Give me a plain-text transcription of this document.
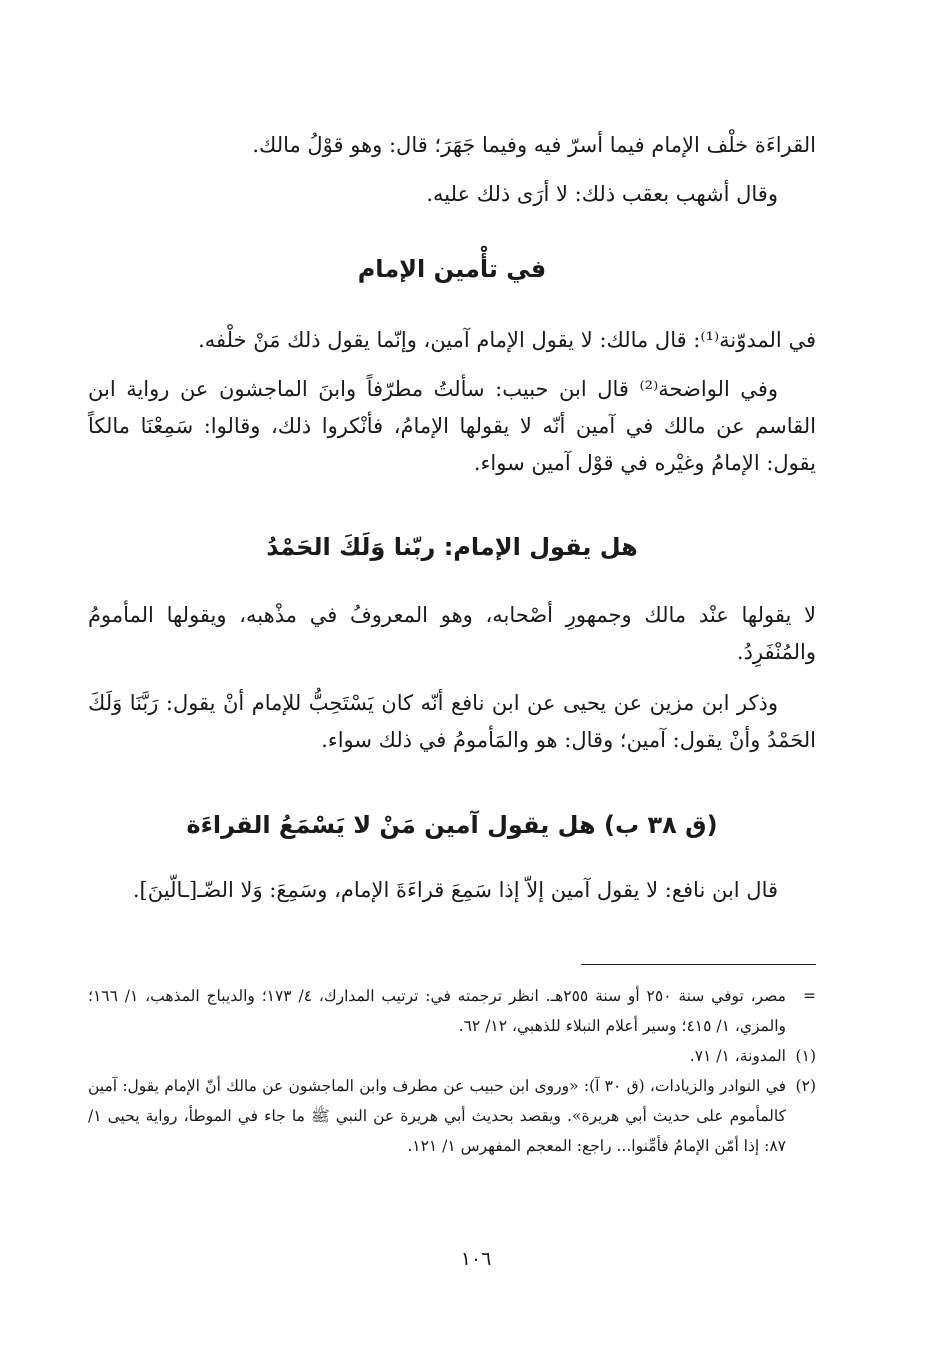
القراءَة خلْف الإمام فيما أسرّ فيه وفيما جَهَرَ؛ قال: وهو قوْلُ مالك.

وقال أشهب بعقب ذلك: لا أرَى ذلك عليه.

في تأْمين الإمام

في المدوّنة⁽¹⁾: قال مالك: لا يقول الإمام آمين، وإنّما يقول ذلك مَنْ خلْفه.

وفي الواضحة⁽²⁾ قال ابن حبيب: سألتُ مطرّفاً وابنَ الماجشون عن رواية ابن القاسم عن مالك في آمين أنّه لا يقولها الإمامُ، فأنْكروا ذلك، وقالوا: سَمِعْنَا مالكاً يقول: الإمامُ وغيْره في قوْل آمين سواء.

هل يقول الإمام: ربّنا وَلَكَ الحَمْدُ

لا يقولها عنْد مالك وجمهورِ أصْحابه، وهو المعروفُ في مذْهبه، ويقولها المأمومُ والمُنْفَرِدُ.

وذكر ابن مزين عن يحيى عن ابن نافع أنّه كان يَسْتَحِبُّ للإمام أنْ يقول: رَبَّنَا وَلَكَ الحَمْدُ وأنْ يقول: آمين؛ وقال: هو والمَأمومُ في ذلك سواء.

(ق ٣٨ ب) هل يقول آمين مَنْ لا يَسْمَعُ القراءَة

قال ابن نافع: لا يقول آمين إلاّ إذا سَمِعَ قراءَةَ الإمام، وسَمِعَ: وَلا الضّـ[ـالّينَ].

=
مصر، توفي سنة ٢٥٠ أو سنة ٢٥٥هـ. انظر ترجمته في: ترتيب المدارك، ٤/ ١٧٣؛ والديباج المذهب، ١/ ١٦٦؛ والمزي، ١/ ٤١٥؛ وسير أعلام النبلاء للذهبي، ١٢/ ٦٢.
(١)
المدونة، ١/ ٧١.
(٢)
في النوادر والزيادات، (ق ٣٠ آ): «وروى ابن حبيب عن مطرف وابن الماجشون عن مالك أنّ الإمام يقول: آمين كالمأموم على حديث أبي هريرة». ويقصد بحديث أبي هريرة عن النبي ﷺ ما جاء في الموطأ، رواية يحيى ١/ ٨٧: إذا أمّن الإمامُ فأمِّنوا... راجع: المعجم المفهرس ١/ ١٢١.
١٠٦
